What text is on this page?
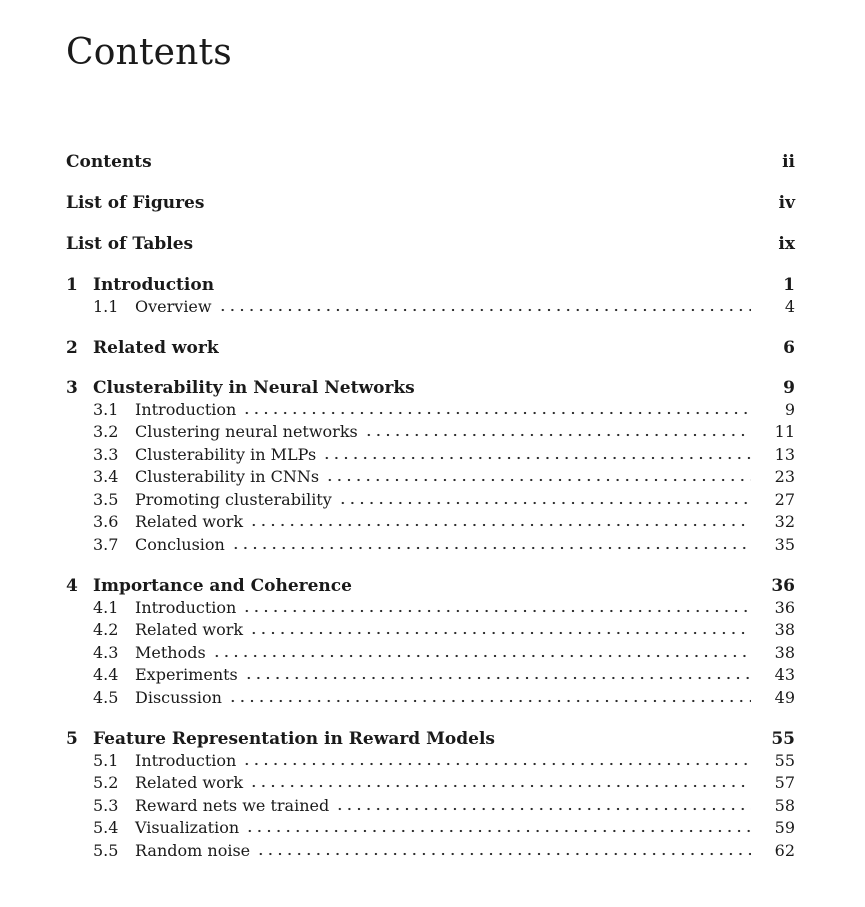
Contents
Contents	ii
List of Figures	iv
List of Tables	ix
1 Introduction	1
1.1	Overview	4
2 Related work	6
3 Clusterability in Neural Networks	9
3.1	Introduction	9
3.2	Clustering neural networks	11
3.3	Clusterability in MLPs	13
3.4	Clusterability in CNNs	23
3.5	Promoting clusterability	27
3.6	Related work	32
3.7	Conclusion	35
4 Importance and Coherence	36
4.1	Introduction	36
4.2	Related work	38
4.3	Methods	38
4.4	Experiments	43
4.5	Discussion	49
5 Feature Representation in Reward Models	55
5.1	Introduction	55
5.2	Related work	57
5.3	Reward nets we trained	58
5.4	Visualization	59
5.5	Random noise	62
